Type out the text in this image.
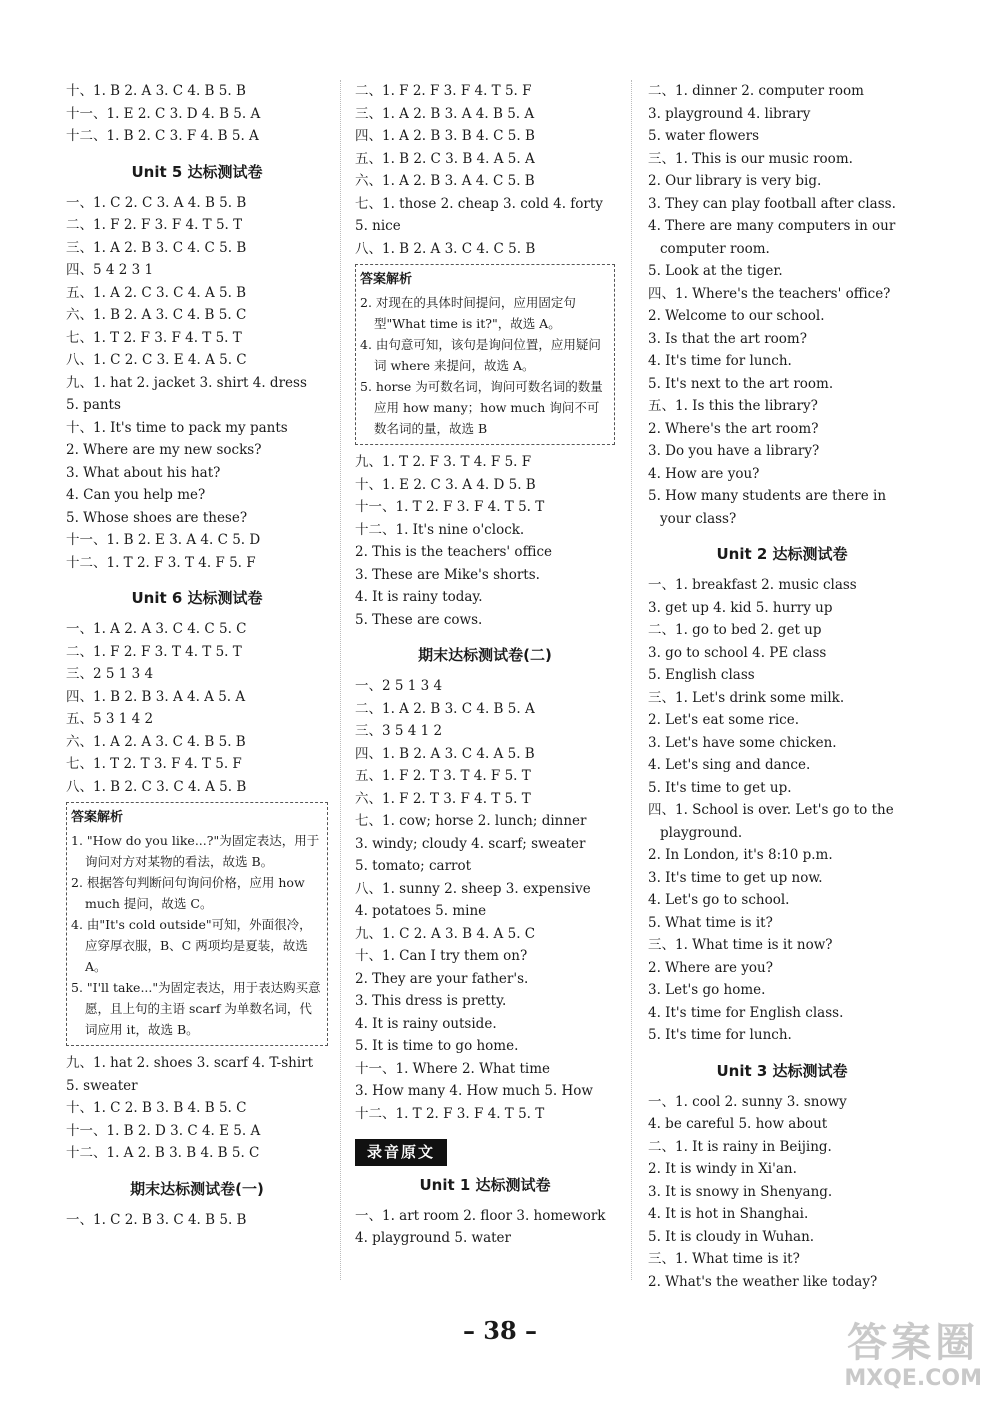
十、1. B 2. A 3. C 4. B 5. B
十一、1. E 2. C 3. D 4. B 5. A
十二、1. B 2. C 3. F 4. B 5. A
Unit 5 达标测试卷
一、1. C 2. C 3. A 4. B 5. B
二、1. F 2. F 3. F 4. T 5. T
三、1. A 2. B 3. C 4. C 5. B
四、5 4 2 3 1
五、1. A 2. C 3. C 4. A 5. B
六、1. B 2. A 3. C 4. B 5. C
七、1. T 2. F 3. F 4. T 5. T
八、1. C 2. C 3. E 4. A 5. C
九、1. hat 2. jacket 3. shirt 4. dress
5. pants
十、1. It's time to pack my pants
2. Where are my new socks?
3. What about his hat?
4. Can you help me?
5. Whose shoes are these?
十一、1. B 2. E 3. A 4. C 5. D
十二、1. T 2. F 3. T 4. F 5. F
Unit 6 达标测试卷
一、1. A 2. A 3. C 4. C 5. C
二、1. F 2. F 3. T 4. T 5. T
三、2 5 1 3 4
四、1. B 2. B 3. A 4. A 5. A
五、5 3 1 4 2
六、1. A 2. A 3. C 4. B 5. B
七、1. T 2. T 3. F 4. T 5. F
八、1. B 2. C 3. C 4. A 5. B
答案解析
1. "How do you like...?"为固定表达，用于询问对方对某物的看法，故选 B。
2. 根据答句判断问句询问价格，应用 how much 提问，故选 C。
4. 由"It's cold outside"可知，外面很冷，应穿厚衣服，B、C 两项均是夏装，故选 A。
5. "I'll take..."为固定表达，用于表达购买意愿，且上句的主语 scarf 为单数名词，代词应用 it，故选 B。
九、1. hat 2. shoes 3. scarf 4. T-shirt
5. sweater
十、1. C 2. B 3. B 4. B 5. C
十一、1. B 2. D 3. C 4. E 5. A
十二、1. A 2. B 3. B 4. B 5. C
期末达标测试卷(一)
一、1. C 2. B 3. C 4. B 5. B
二、1. F 2. F 3. F 4. T 5. F
三、1. A 2. B 3. A 4. B 5. A
四、1. A 2. B 3. B 4. C 5. B
五、1. B 2. C 3. B 4. A 5. A
六、1. A 2. B 3. A 4. C 5. B
七、1. those 2. cheap 3. cold 4. forty
5. nice
八、1. B 2. A 3. C 4. C 5. B
答案解析
2. 对现在的具体时间提问，应用固定句型"What time is it?"，故选 A。
4. 由句意可知，该句是询问位置，应用疑问词 where 来提问，故选 A。
5. horse 为可数名词，询问可数名词的数量应用 how many；how much 询问不可数名词的量，故选 B
九、1. T 2. F 3. T 4. F 5. F
十、1. E 2. C 3. A 4. D 5. B
十一、1. T 2. F 3. F 4. T 5. T
十二、1. It's nine o'clock.
2. This is the teachers' office
3. These are Mike's shorts.
4. It is rainy today.
5. These are cows.
期末达标测试卷(二)
一、2 5 1 3 4
二、1. A 2. B 3. C 4. B 5. A
三、3 5 4 1 2
四、1. B 2. A 3. C 4. A 5. B
五、1. F 2. T 3. T 4. F 5. T
六、1. F 2. T 3. F 4. T 5. T
七、1. cow; horse 2. lunch; dinner
3. windy; cloudy 4. scarf; sweater
5. tomato; carrot
八、1. sunny 2. sheep 3. expensive
4. potatoes 5. mine
九、1. C 2. A 3. B 4. A 5. C
十、1. Can I try them on?
2. They are your father's.
3. This dress is pretty.
4. It is rainy outside.
5. It is time to go home.
十一、1. Where 2. What time
3. How many 4. How much 5. How
十二、1. T 2. F 3. F 4. T 5. T
录音原文
Unit 1 达标测试卷
一、1. art room 2. floor 3. homework
4. playground 5. water
二、1. dinner 2. computer room
3. playground 4. library
5. water flowers
三、1. This is our music room.
2. Our library is very big.
3. They can play football after class.
4. There are many computers in our computer room.
5. Look at the tiger.
四、1. Where's the teachers' office?
2. Welcome to our school.
3. Is that the art room?
4. It's time for lunch.
5. It's next to the art room.
五、1. Is this the library?
2. Where's the art room?
3. Do you have a library?
4. How are you?
5. How many students are there in your class?
Unit 2 达标测试卷
一、1. breakfast 2. music class
3. get up 4. kid 5. hurry up
二、1. go to bed 2. get up
3. go to school 4. PE class
5. English class
三、1. Let's drink some milk.
2. Let's eat some rice.
3. Let's have some chicken.
4. Let's sing and dance.
5. It's time to get up.
四、1. School is over. Let's go to the playground.
2. In London, it's 8:10 p.m.
3. It's time to get up now.
4. Let's go to school.
5. What time is it?
三、1. What time is it now?
2. Where are you?
3. Let's go home.
4. It's time for English class.
5. It's time for lunch.
Unit 3 达标测试卷
一、1. cool 2. sunny 3. snowy
4. be careful 5. how about
二、1. It is rainy in Beijing.
2. It is windy in Xi'an.
3. It is snowy in Shenyang.
4. It is hot in Shanghai.
5. It is cloudy in Wuhan.
三、1. What time is it?
2. What's the weather like today?
– 38 –	答案圈
MXQE.COM
